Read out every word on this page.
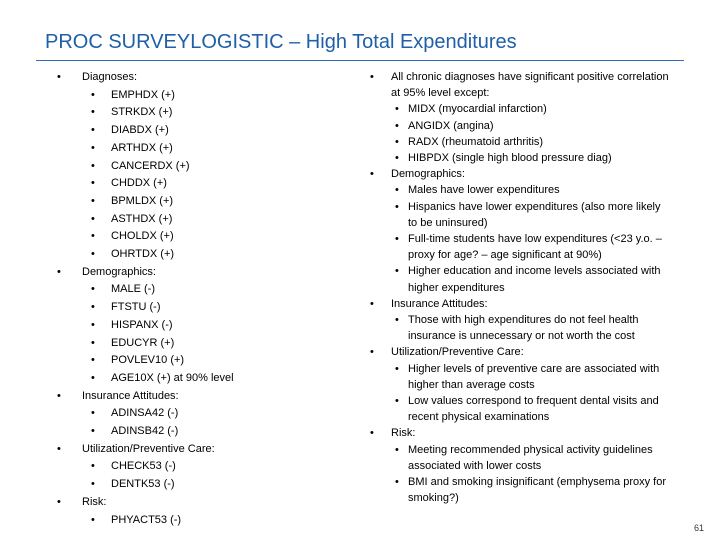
PROC SURVEYLOGISTIC – High Total Expenditures
• Diagnoses:
• EMPHDX (+)
• STRKDX (+)
• DIABDX (+)
• ARTHDX (+)
• CANCERDX (+)
• CHDDX (+)
• BPMLDX (+)
• ASTHDX (+)
• CHOLDX (+)
• OHRTDX (+)
• Demographics:
• MALE (-)
• FTSTU (-)
• HISPANX (-)
• EDUCYR (+)
• POVLEV10 (+)
• AGE10X (+) at 90% level
• Insurance Attitudes:
• ADINSA42 (-)
• ADINSB42 (-)
• Utilization/Preventive Care:
• CHECK53 (-)
• DENTK53 (-)
• Risk:
• PHYACT53 (-)
• All chronic diagnoses have significant positive correlation at 95% level except:
• MIDX (myocardial infarction)
• ANGIDX (angina)
• RADX (rheumatoid arthritis)
• HIBPDX (single high blood pressure diag)
• Demographics:
• Males have lower expenditures
• Hispanics have lower expenditures (also more likely to be uninsured)
• Full-time students have low expenditures (<23 y.o. – proxy for age? – age significant at 90%)
• Higher education and income levels associated with higher expenditures
• Insurance Attitudes:
• Those with high expenditures do not feel health insurance is unnecessary or not worth the cost
• Utilization/Preventive Care:
• Higher levels of preventive care are associated with higher than average costs
• Low values correspond to frequent dental visits and recent physical examinations
• Risk:
• Meeting recommended physical activity guidelines associated with lower costs
• BMI and smoking insignificant (emphysema proxy for smoking?)
61
